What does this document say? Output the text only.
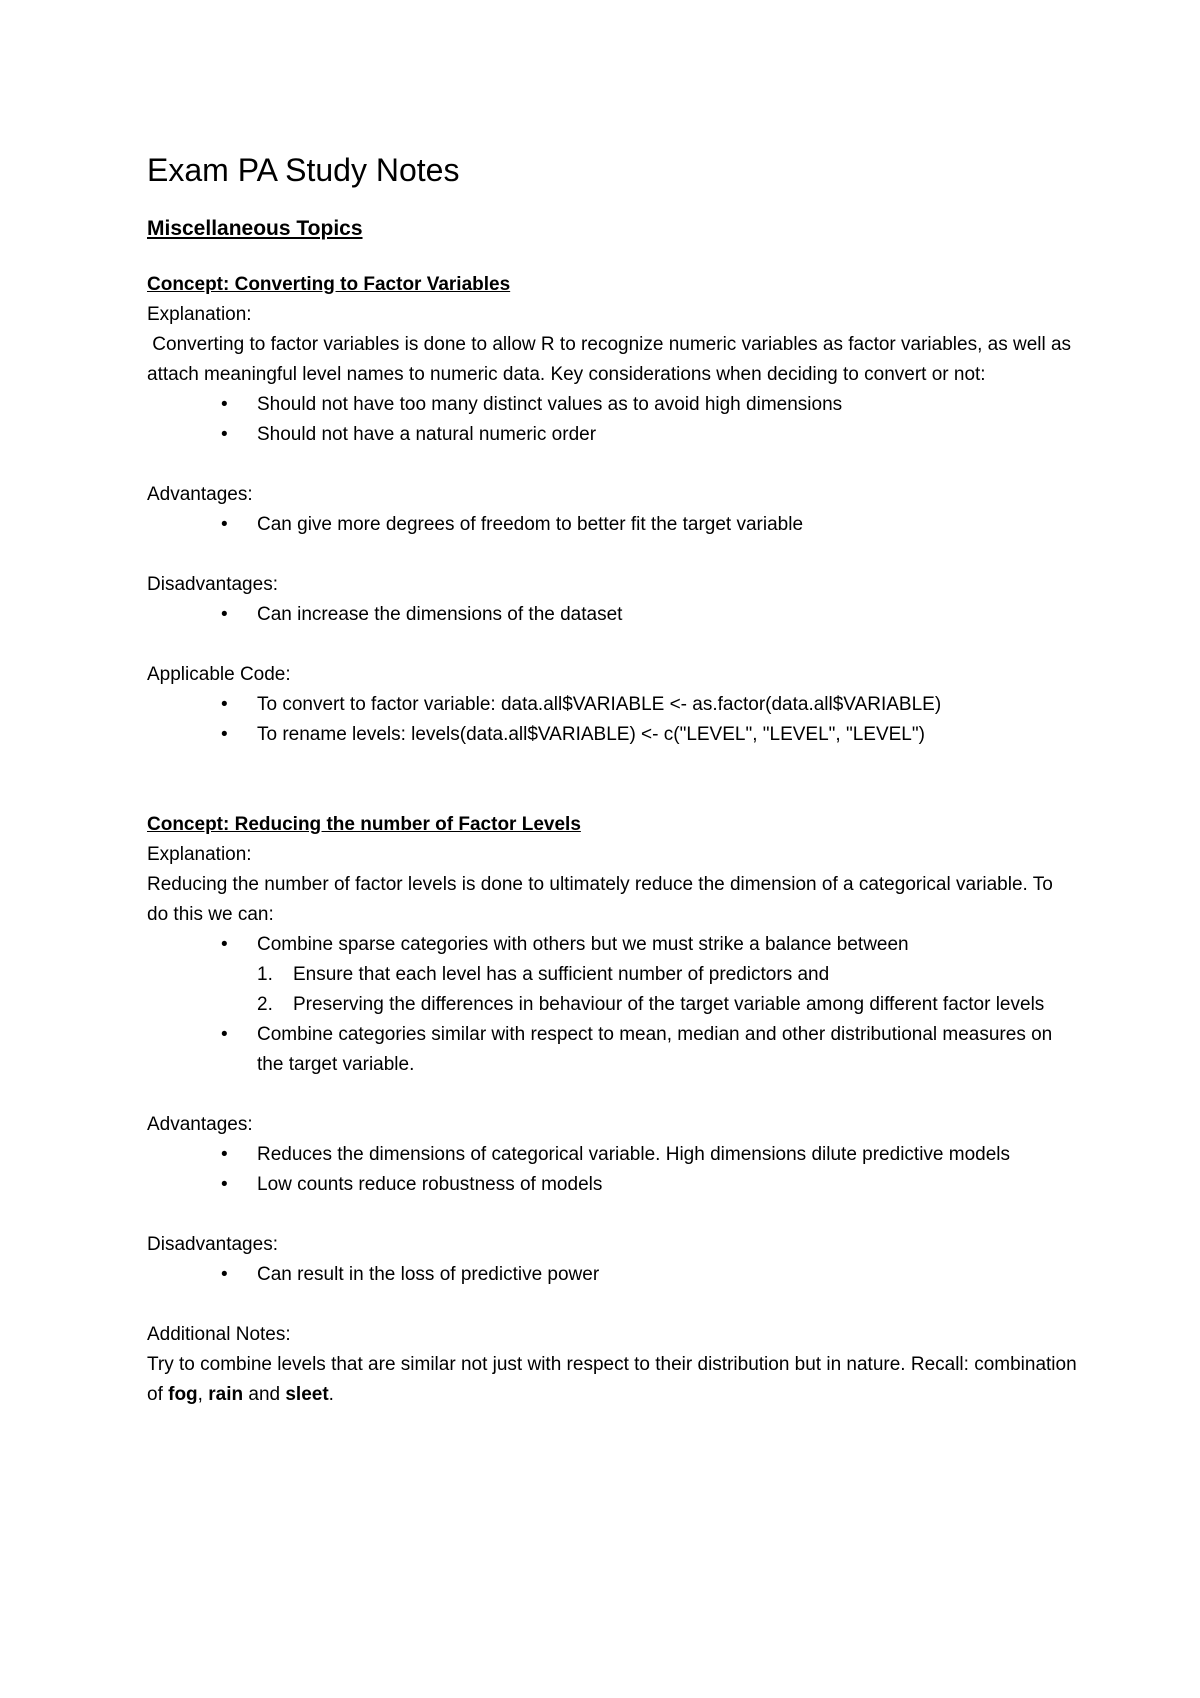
Exam PA Study Notes
Miscellaneous Topics
Concept: Converting to Factor Variables
Explanation:
Converting to factor variables is done to allow R to recognize numeric variables as factor variables, as well as attach meaningful level names to numeric data. Key considerations when deciding to convert or not:
• Should not have too many distinct values as to avoid high dimensions
• Should not have a natural numeric order
Advantages:
• Can give more degrees of freedom to better fit the target variable
Disadvantages:
• Can increase the dimensions of the dataset
Applicable Code:
• To convert to factor variable: data.all$VARIABLE <- as.factor(data.all$VARIABLE)
• To rename levels: levels(data.all$VARIABLE) <- c("LEVEL", "LEVEL", "LEVEL")
Concept: Reducing the number of Factor Levels
Explanation:
Reducing the number of factor levels is done to ultimately reduce the dimension of a categorical variable. To do this we can:
• Combine sparse categories with others but we must strike a balance between
1. Ensure that each level has a sufficient number of predictors and
2. Preserving the differences in behaviour of the target variable among different factor levels
• Combine categories similar with respect to mean, median and other distributional measures on the target variable.
Advantages:
• Reduces the dimensions of categorical variable. High dimensions dilute predictive models
• Low counts reduce robustness of models
Disadvantages:
• Can result in the loss of predictive power
Additional Notes:
Try to combine levels that are similar not just with respect to their distribution but in nature. Recall: combination of fog, rain and sleet.
